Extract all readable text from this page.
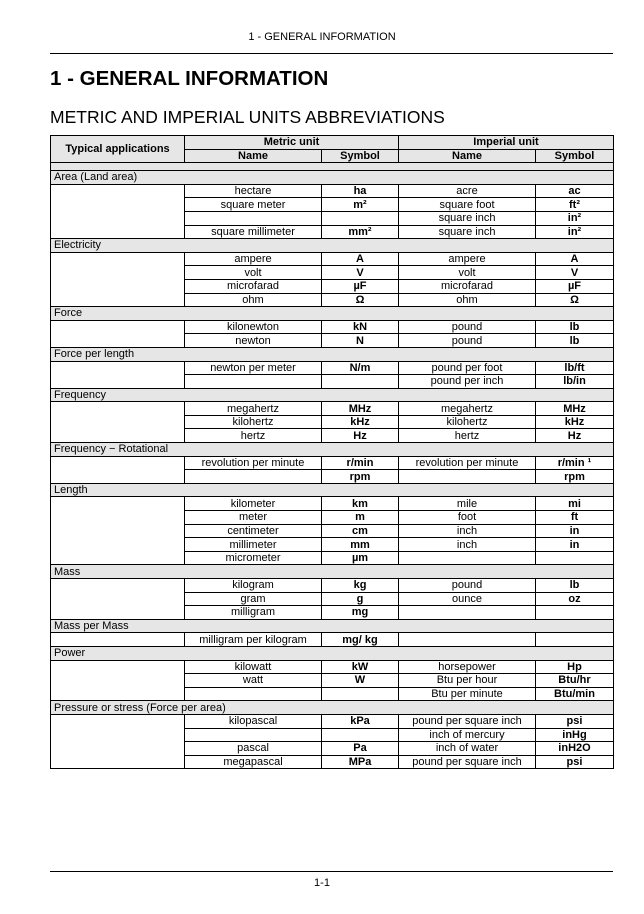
1 - GENERAL INFORMATION
1 - GENERAL INFORMATION
METRIC AND IMPERIAL UNITS ABBREVIATIONS
Typical applications	Metric unit		Imperial unit	
	Name	Symbol	Name	Symbol

Area (Land area)				
	hectare	ha	acre	ac
	square meter	m²	square foot	ft²
			square inch	in²
	square millimeter	mm²	square inch	in²
Electricity				
	ampere	A	ampere	A
	volt	V	volt	V
	microfarad	µF	microfarad	µF
	ohm	Ω	ohm	Ω
Force				
	kilonewton	kN	pound	lb
	newton	N	pound	lb
Force per length				
	newton per meter	N/m	pound per foot	lb/ft
			pound per inch	lb/in
Frequency				
	megahertz	MHz	megahertz	MHz
	kilohertz	kHz	kilohertz	kHz
	hertz	Hz	hertz	Hz
Frequency − Rotational				
	revolution per minute	r/min	revolution per minute	r/min ¹
		rpm		rpm
Length				
	kilometer	km	mile	mi
	meter	m	foot	ft
	centimeter	cm	inch	in
	millimeter	mm	inch	in
	micrometer	µm		
Mass				
	kilogram	kg	pound	lb
	gram	g	ounce	oz
	milligram	mg		
Mass per Mass				
	milligram per kilogram	mg/ kg		
Power				
	kilowatt	kW	horsepower	Hp
	watt	W	Btu per hour	Btu/hr
			Btu per minute	Btu/min
Pressure or stress (Force per area)				
	kilopascal	kPa	pound per square inch	psi
			inch of mercury	inHg
	pascal	Pa	inch of water	inH2O
	megapascal	MPa	pound per square inch	psi
1-1
